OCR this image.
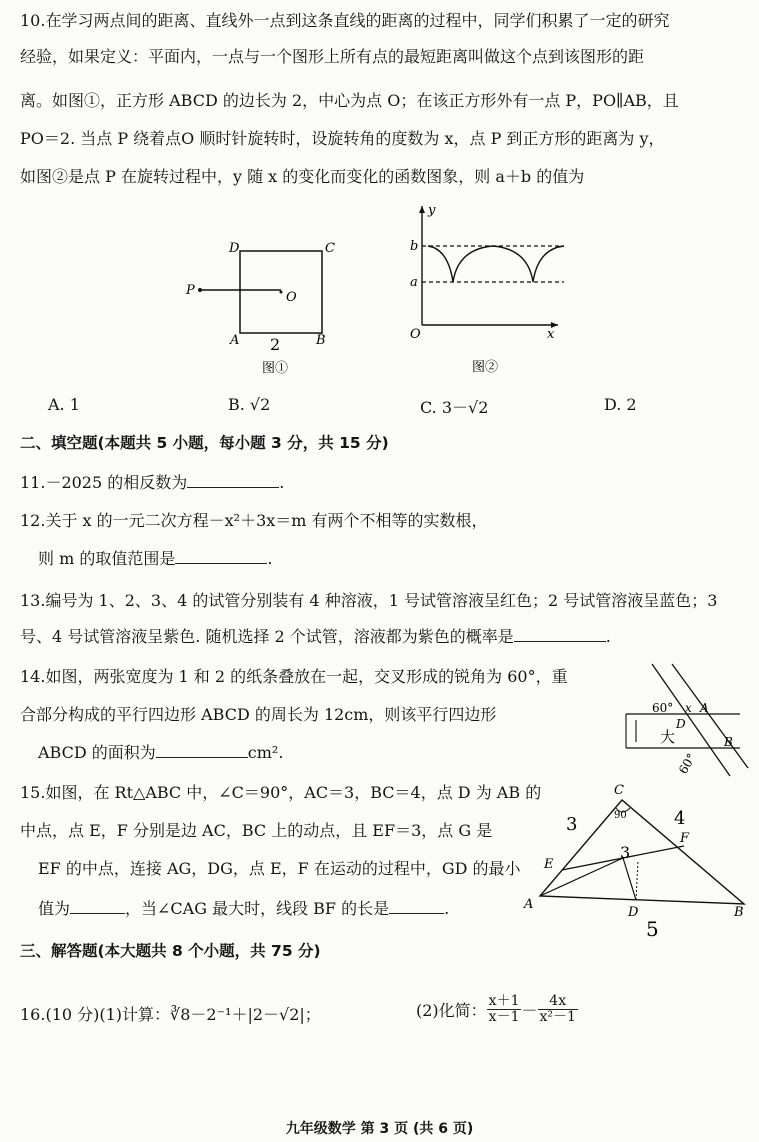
10.在学习两点间的距离、直线外一点到这条直线的距离的过程中，同学们积累了一定的研究
经验，如果定义：平面内，一点与一个图形上所有点的最短距离叫做这个点到该图形的距
离。如图①，正方形 ABCD 的边长为 2，中心为点 O；在该正方形外有一点 P，PO∥AB，且
PO＝2. 当点 P 绕着点O 顺时针旋转时，设旋转角的度数为 x，点 P 到正方形的距离为 y，
如图②是点 P 在旋转过程中，y 随 x 的变化而变化的函数图象，则 a＋b 的值为
D	C
P	O
A	B
2
图①
y
b
a
O	x
图②
A. 1	B. √2	C. 3－√2	D. 2
二、填空题(本题共 5 小题，每小题 3 分，共 15 分)
11.－2025 的相反数为	.
12.关于 x 的一元二次方程－x²＋3x＝m 有两个不相等的实数根，
则 m 的取值范围是	.
13.编号为 1、2、3、4 的试管分别装有 4 种溶液，1 号试管溶液呈红色；2 号试管溶液呈蓝色；3
号、4 号试管溶液呈紫色. 随机选择 2 个试管，溶液都为紫色的概率是	.
14.如图，两张宽度为 1 和 2 的纸条叠放在一起，交叉形成的锐角为 60°，重
合部分构成的平行四边形 ABCD 的周长为 12cm，则该平行四边形
ABCD 的面积为	cm².
60° x A
D
大	B
60°
15.如图，在 Rt△ABC 中，∠C＝90°，AC＝3，BC＝4，点 D 为 AB 的
中点，点 E，F 分别是边 AC，BC 上的动点，且 EF＝3，点 G 是
EF 的中点，连接 AG，DG，点 E，F 在运动的过程中，GD 的最小
值为	，当∠CAG 最大时，线段 BF 的长是	.
C
E
F
A
D	B
3	90	4
3
5
三、解答题(本大题共 8 个小题，共 75 分)
16.(10 分)(1)计算：∛8－2⁻¹＋|2－√2|；	(2)化简： $\frac{x+1}{x-1} - \frac{4x}{\text{x²－1}}$
九年级数学 第 3 页 (共 6 页)
